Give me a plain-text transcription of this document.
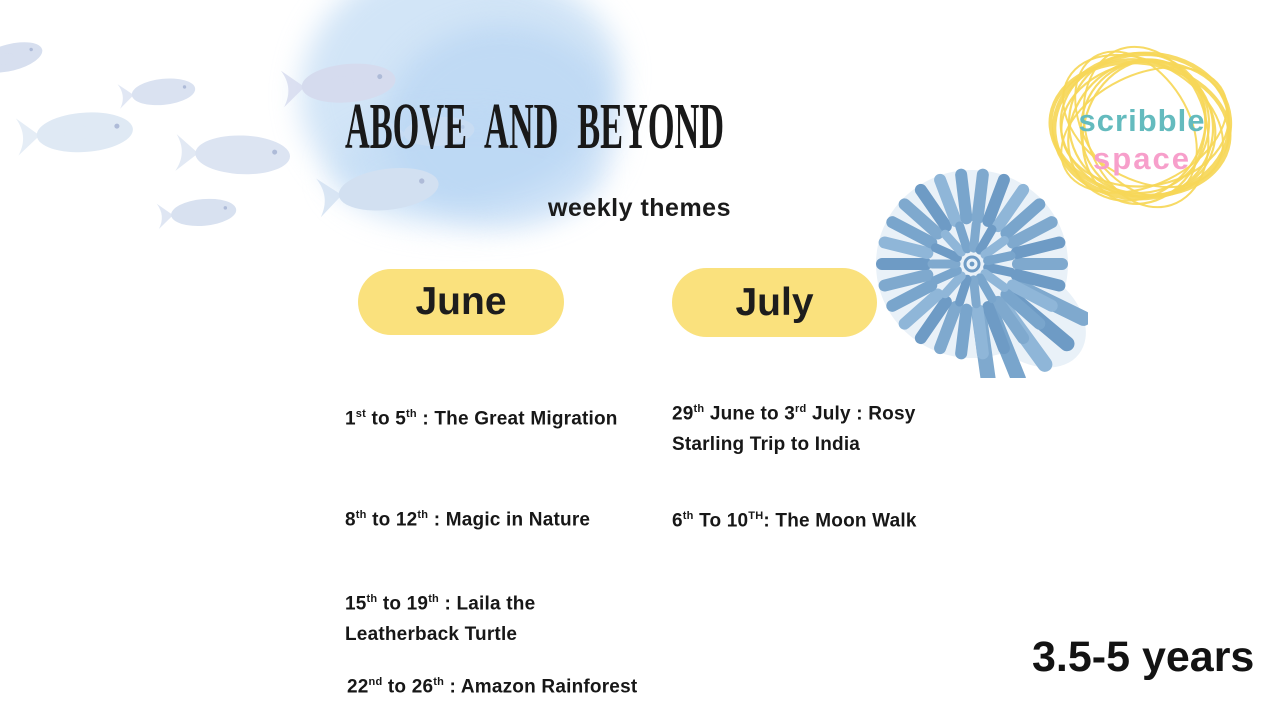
scribble
space
ABOVE AND BEYOND
weekly themes
June	July
1st to 5th : The Great Migration
8th to 12th : Magic in Nature
15th to 19th : Laila the Leatherback Turtle
22nd to 26th : Amazon Rainforest
29th June to 3rd July : Rosy Starling Trip to India
6th To 10TH: The Moon Walk
3.5-5 years
